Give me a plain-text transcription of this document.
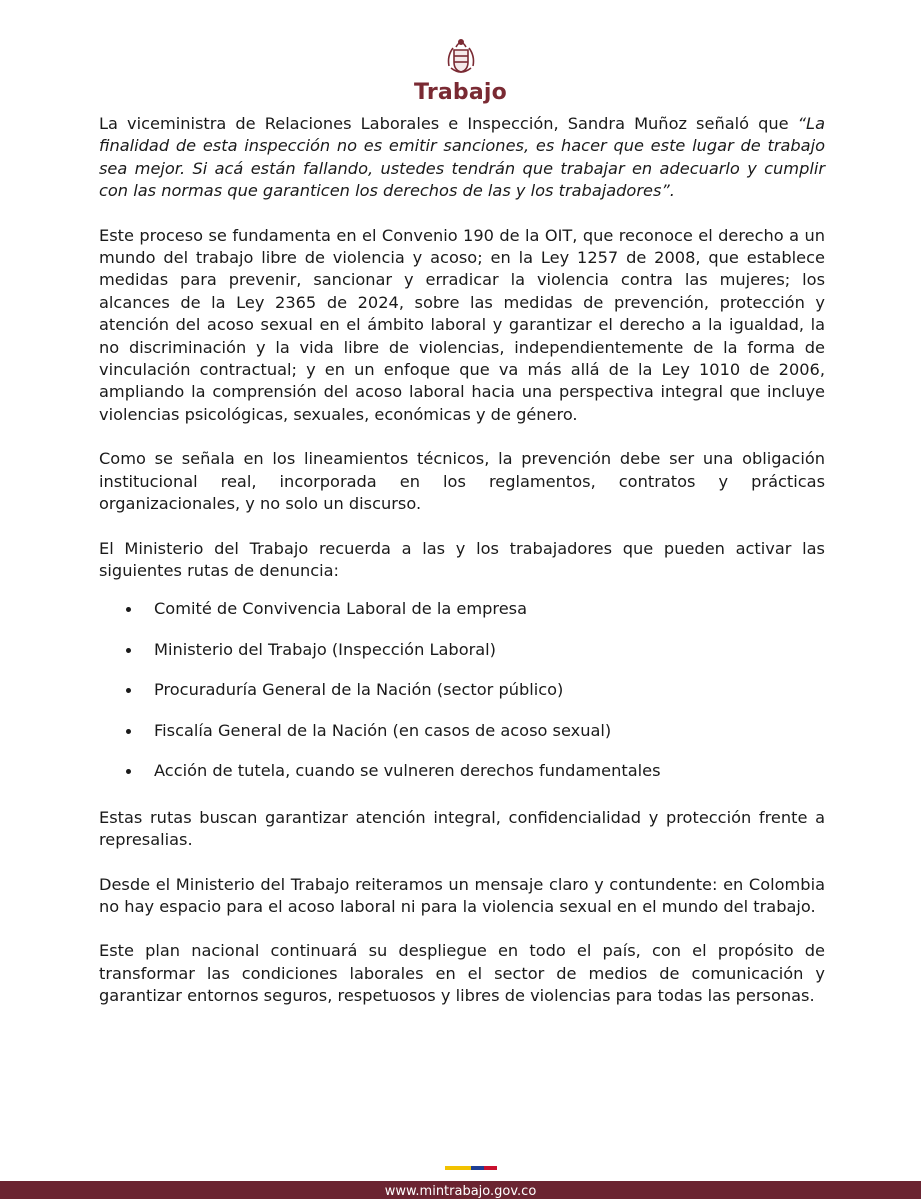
Trabajo

La viceministra de Relaciones Laborales e Inspección, Sandra Muñoz señaló que “La finalidad de esta inspección no es emitir sanciones, es hacer que este lugar de trabajo sea mejor. Si acá están fallando, ustedes tendrán que trabajar en adecuarlo y cumplir con las normas que garanticen los derechos de las y los trabajadores”.

Este proceso se fundamenta en el Convenio 190 de la OIT, que reconoce el derecho a un mundo del trabajo libre de violencia y acoso; en la Ley 1257 de 2008, que establece medidas para prevenir, sancionar y erradicar la violencia contra las mujeres; los alcances de la Ley 2365 de 2024, sobre las medidas de prevención, protección y atención del acoso sexual en el ámbito laboral y garantizar el derecho a la igualdad, la no discriminación y la vida libre de violencias, independientemente de la forma de vinculación contractual; y en un enfoque que va más allá de la Ley 1010 de 2006, ampliando la comprensión del acoso laboral hacia una perspectiva integral que incluye violencias psicológicas, sexuales, económicas y de género.

Como se señala en los lineamientos técnicos, la prevención debe ser una obligación institucional real, incorporada en los reglamentos, contratos y prácticas organizacionales, y no solo un discurso.

El Ministerio del Trabajo recuerda a las y los trabajadores que pueden activar las siguientes rutas de denuncia:

Comité de Convivencia Laboral de la empresa
Ministerio del Trabajo (Inspección Laboral)
Procuraduría General de la Nación (sector público)
Fiscalía General de la Nación (en casos de acoso sexual)
Acción de tutela, cuando se vulneren derechos fundamentales

Estas rutas buscan garantizar atención integral, confidencialidad y protección frente a represalias.

Desde el Ministerio del Trabajo reiteramos un mensaje claro y contundente: en Colombia no hay espacio para el acoso laboral ni para la violencia sexual en el mundo del trabajo.

Este plan nacional continuará su despliegue en todo el país, con el propósito de transformar las condiciones laborales en el sector de medios de comunicación y garantizar entornos seguros, respetuosos y libres de violencias para todas las personas.

www.mintrabajo.gov.co
